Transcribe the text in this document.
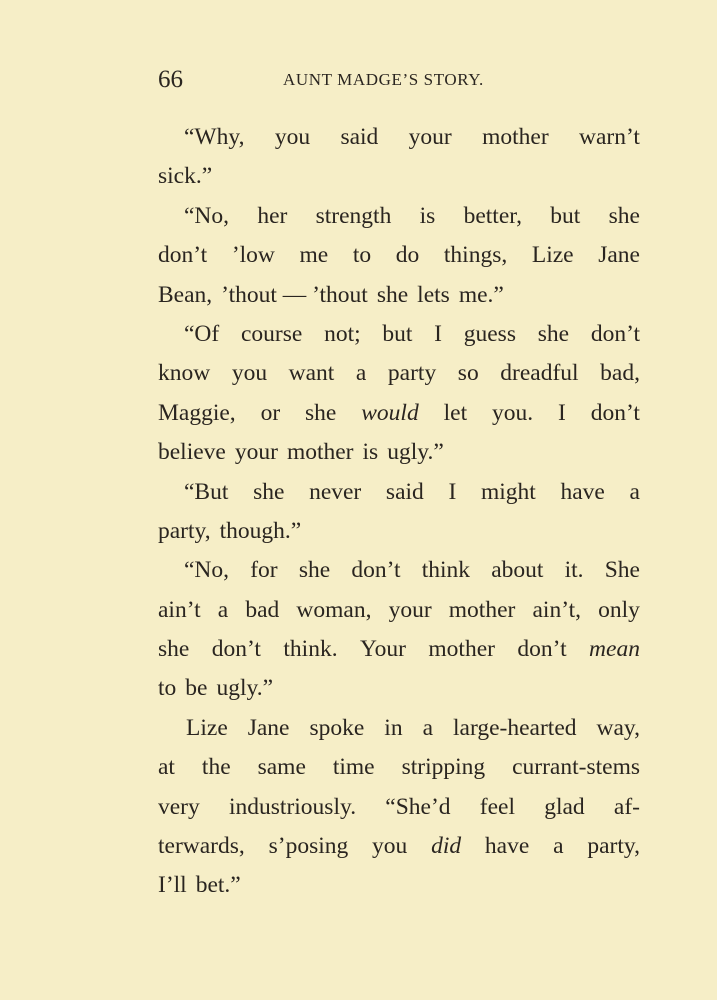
66	AUNT MADGE’S STORY.
“Why, you said your mother warn’t
sick.”
“No, her strength is better, but she
don’t ’low me to do things, Lize Jane
Bean, ’thout — ’thout she lets me.”
“Of course not; but I guess she don’t
know you want a party so dreadful bad,
Maggie, or she would let you. I don’t
believe your mother is ugly.”
“But she never said I might have a
party, though.”
“No, for she don’t think about it. She
ain’t a bad woman, your mother ain’t, only
she don’t think. Your mother don’t mean
to be ugly.”
Lize Jane spoke in a large-hearted way,
at the same time stripping currant-stems
very industriously. “She’d feel glad af-
terwards, s’posing you did have a party,
I’ll bet.”
